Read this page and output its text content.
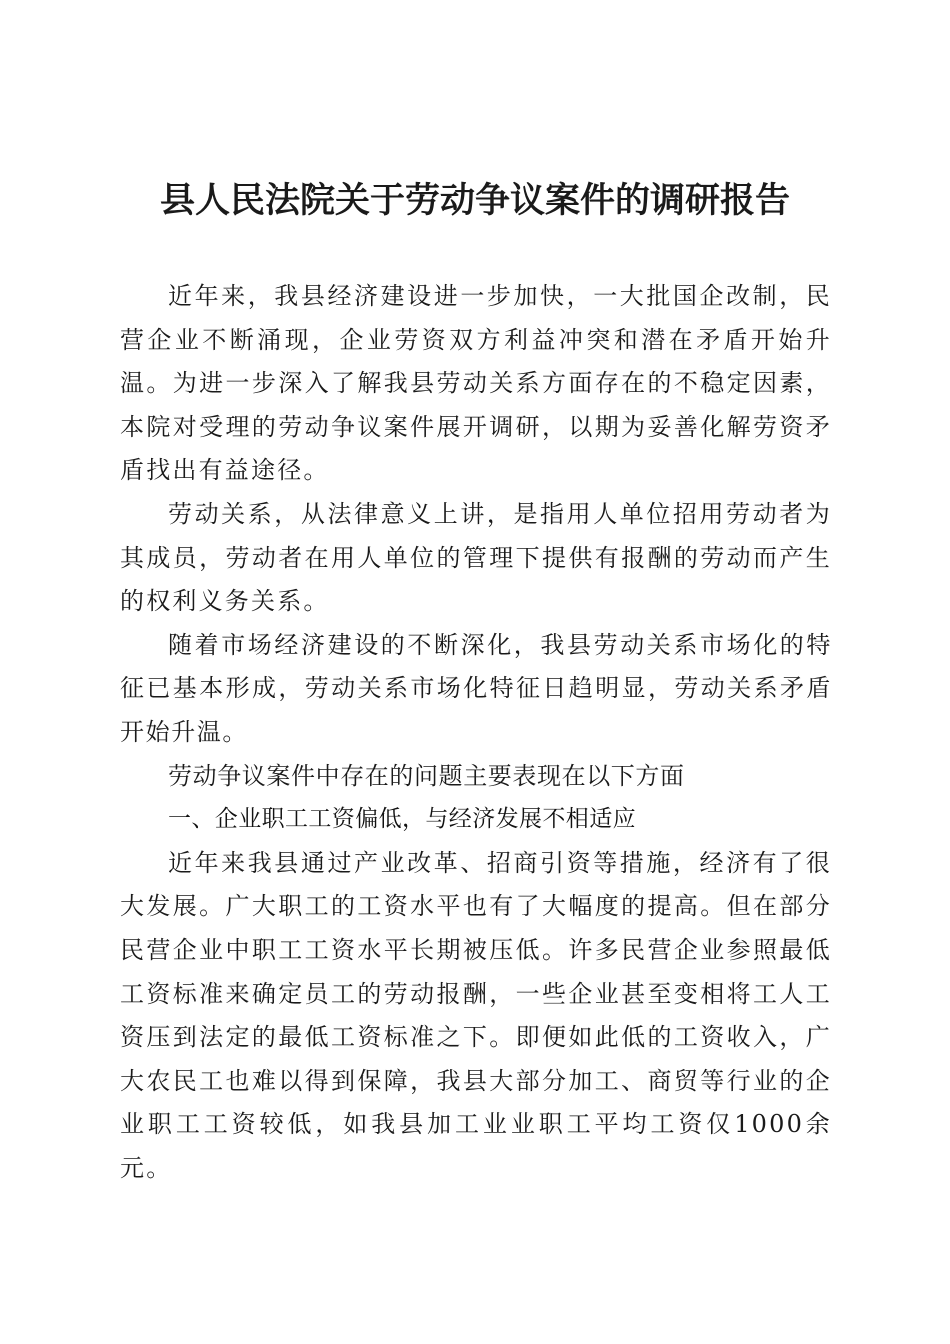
县人民法院关于劳动争议案件的调研报告

近年来，我县经济建设进一步加快，一大批国企改制，民营企业不断涌现，企业劳资双方利益冲突和潜在矛盾开始升温。为进一步深入了解我县劳动关系方面存在的不稳定因素，本院对受理的劳动争议案件展开调研，以期为妥善化解劳资矛盾找出有益途径。

劳动关系，从法律意义上讲，是指用人单位招用劳动者为其成员，劳动者在用人单位的管理下提供有报酬的劳动而产生的权利义务关系。

随着市场经济建设的不断深化，我县劳动关系市场化的特征已基本形成，劳动关系市场化特征日趋明显，劳动关系矛盾开始升温。

劳动争议案件中存在的问题主要表现在以下方面

一、企业职工工资偏低，与经济发展不相适应

近年来我县通过产业改革、招商引资等措施，经济有了很大发展。广大职工的工资水平也有了大幅度的提高。但在部分民营企业中职工工资水平长期被压低。许多民营企业参照最低工资标准来确定员工的劳动报酬，一些企业甚至变相将工人工资压到法定的最低工资标准之下。即便如此低的工资收入，广大农民工也难以得到保障，我县大部分加工、商贸等行业的企业职工工资较低，如我县加工业业职工平均工资仅1000余元。
